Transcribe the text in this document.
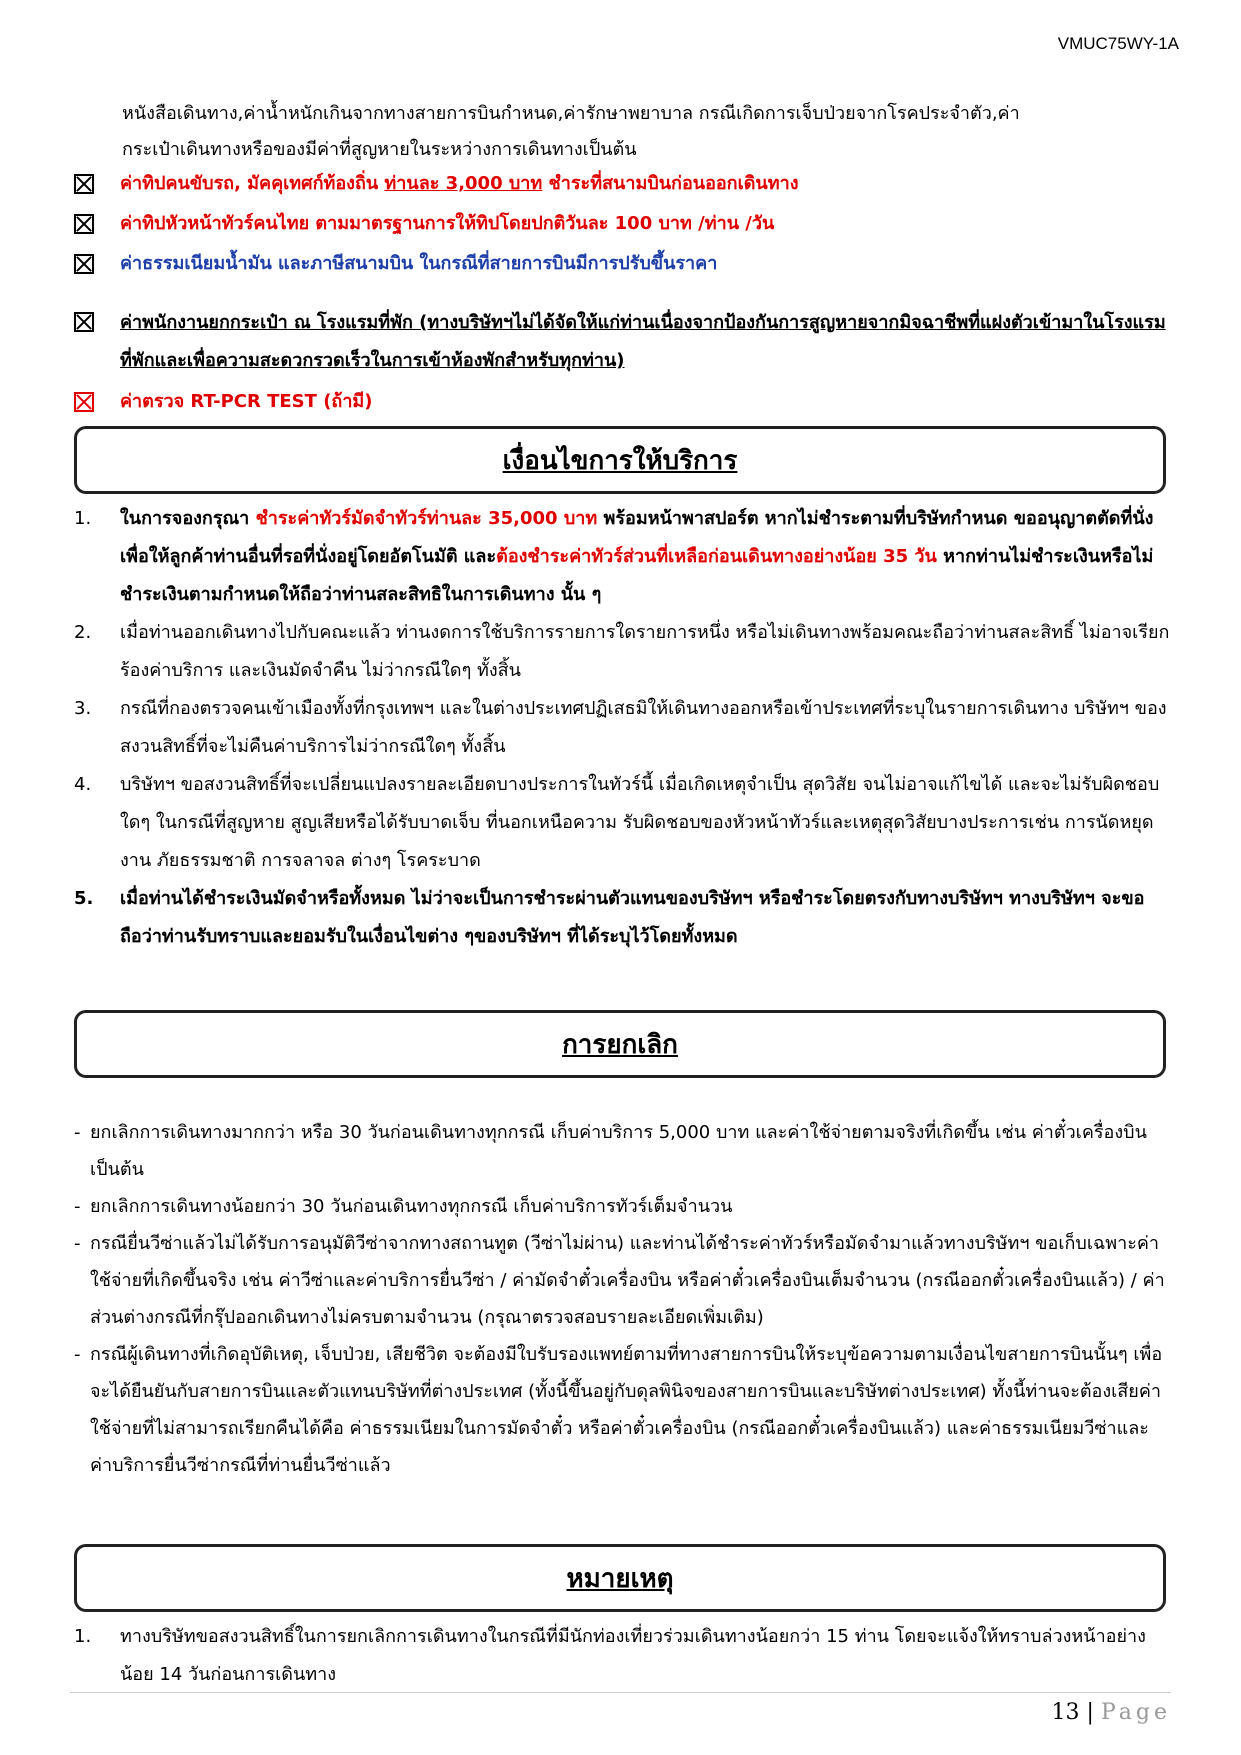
VMUC75WY-1A

หนังสือเดินทาง,ค่าน้ำหนักเกินจากทางสายการบินกำหนด,ค่ารักษาพยาบาล กรณีเกิดการเจ็บป่วยจากโรคประจำตัว,ค่า

กระเป๋าเดินทางหรือของมีค่าที่สูญหายในระหว่างการเดินทางเป็นต้น

ค่าทิปคนขับรถ, มัคคุเทศก์ท้องถิ่น ท่านละ 3,000 บาท ชำระที่สนามบินก่อนออกเดินทาง
ค่าทิปหัวหน้าทัวร์คนไทย ตามมาตรฐานการให้ทิปโดยปกติวันละ 100 บาท /ท่าน /วัน
ค่าธรรมเนียมน้ำมัน และภาษีสนามบิน ในกรณีที่สายการบินมีการปรับขึ้นราคา
ค่าพนักงานยกกระเป๋า ณ โรงแรมที่พัก (ทางบริษัทฯไม่ได้จัดให้แก่ท่านเนื่องจากป้องกันการสูญหายจากมิจฉาชีพที่แฝงตัวเข้ามาในโรงแรมที่พักและเพื่อความสะดวกรวดเร็วในการเข้าห้องพักสำหรับทุกท่าน)
ค่าตรวจ RT-PCR TEST (ถ้ามี)
เงื่อนไขการให้บริการ
1.	ในการจองกรุณา ชำระค่าทัวร์มัดจำทัวร์ท่านละ 35,000 บาท พร้อมหน้าพาสปอร์ต หากไม่ชำระตามที่บริษัทกำหนด ขออนุญาตตัดที่นั่งเพื่อให้ลูกค้าท่านอื่นที่รอที่นั่งอยู่โดยอัตโนมัติ และต้องชำระค่าทัวร์ส่วนที่เหลือก่อนเดินทางอย่างน้อย 35 วัน หากท่านไม่ชำระเงินหรือไม่ชำระเงินตามกำหนดให้ถือว่าท่านสละสิทธิในการเดินทาง นั้น ๆ
2.	เมื่อท่านออกเดินทางไปกับคณะแล้ว ท่านงดการใช้บริการรายการใดรายการหนึ่ง หรือไม่เดินทางพร้อมคณะถือว่าท่านสละสิทธิ์ ไม่อาจเรียกร้องค่าบริการ และเงินมัดจำคืน ไม่ว่ากรณีใดๆ ทั้งสิ้น
3.	กรณีที่กองตรวจคนเข้าเมืองทั้งที่กรุงเทพฯ และในต่างประเทศปฏิเสธมิให้เดินทางออกหรือเข้าประเทศที่ระบุในรายการเดินทาง บริษัทฯ ของสงวนสิทธิ์ที่จะไม่คืนค่าบริการไม่ว่ากรณีใดๆ ทั้งสิ้น
4.	บริษัทฯ ขอสงวนสิทธิ์ที่จะเปลี่ยนแปลงรายละเอียดบางประการในทัวร์นี้ เมื่อเกิดเหตุจำเป็น สุดวิสัย จนไม่อาจแก้ไขได้ และจะไม่รับผิดชอบใดๆ ในกรณีที่สูญหาย สูญเสียหรือได้รับบาดเจ็บ ที่นอกเหนือความ รับผิดชอบของหัวหน้าทัวร์และเหตุสุดวิสัยบางประการเช่น การนัดหยุดงาน ภัยธรรมชาติ การจลาจล ต่างๆ โรคระบาด
5.	เมื่อท่านได้ชำระเงินมัดจำหรือทั้งหมด ไม่ว่าจะเป็นการชำระผ่านตัวแทนของบริษัทฯ หรือชำระโดยตรงกับทางบริษัทฯ ทางบริษัทฯ จะขอถือว่าท่านรับทราบและยอมรับในเงื่อนไขต่าง ๆของบริษัทฯ ที่ได้ระบุไว้โดยทั้งหมด
การยกเลิก
- ยกเลิกการเดินทางมากกว่า หรือ 30 วันก่อนเดินทางทุกกรณี เก็บค่าบริการ 5,000 บาท และค่าใช้จ่ายตามจริงที่เกิดขึ้น เช่น ค่าตั๋วเครื่องบิน เป็นต้น
- ยกเลิกการเดินทางน้อยกว่า 30 วันก่อนเดินทางทุกกรณี เก็บค่าบริการทัวร์เต็มจำนวน
- กรณียื่นวีซ่าแล้วไม่ได้รับการอนุมัติวีซ่าจากทางสถานทูต (วีซ่าไม่ผ่าน) และท่านได้ชำระค่าทัวร์หรือมัดจำมาแล้วทางบริษัทฯ ขอเก็บเฉพาะค่าใช้จ่ายที่เกิดขึ้นจริง เช่น ค่าวีซ่าและค่าบริการยื่นวีซ่า / ค่ามัดจำตั๋วเครื่องบิน หรือค่าตั๋วเครื่องบินเต็มจำนวน (กรณีออกตั๋วเครื่องบินแล้ว) / ค่าส่วนต่างกรณีที่กรุ๊ปออกเดินทางไม่ครบตามจำนวน (กรุณาตรวจสอบรายละเอียดเพิ่มเติม)
- กรณีผู้เดินทางที่เกิดอุบัติเหตุ, เจ็บป่วย, เสียชีวิต จะต้องมีใบรับรองแพทย์ตามที่ทางสายการบินให้ระบุข้อความตามเงื่อนไขสายการบินนั้นๆ เพื่อจะได้ยืนยันกับสายการบินและตัวแทนบริษัทที่ต่างประเทศ (ทั้งนี้ขึ้นอยู่กับดุลพินิจของสายการบินและบริษัทต่างประเทศ) ทั้งนี้ท่านจะต้องเสียค่าใช้จ่ายที่ไม่สามารถเรียกคืนได้คือ ค่าธรรมเนียมในการมัดจำตั๋ว หรือค่าตั๋วเครื่องบิน (กรณีออกตั๋วเครื่องบินแล้ว) และค่าธรรมเนียมวีซ่าและค่าบริการยื่นวีซ่ากรณีที่ท่านยื่นวีซ่าแล้ว
หมายเหตุ
1.	ทางบริษัทขอสงวนสิทธิ์ในการยกเลิกการเดินทางในกรณีที่มีนักท่องเที่ยวร่วมเดินทางน้อยกว่า 15 ท่าน โดยจะแจ้งให้ทราบล่วงหน้าอย่างน้อย 14 วันก่อนการเดินทาง
13 | Page
